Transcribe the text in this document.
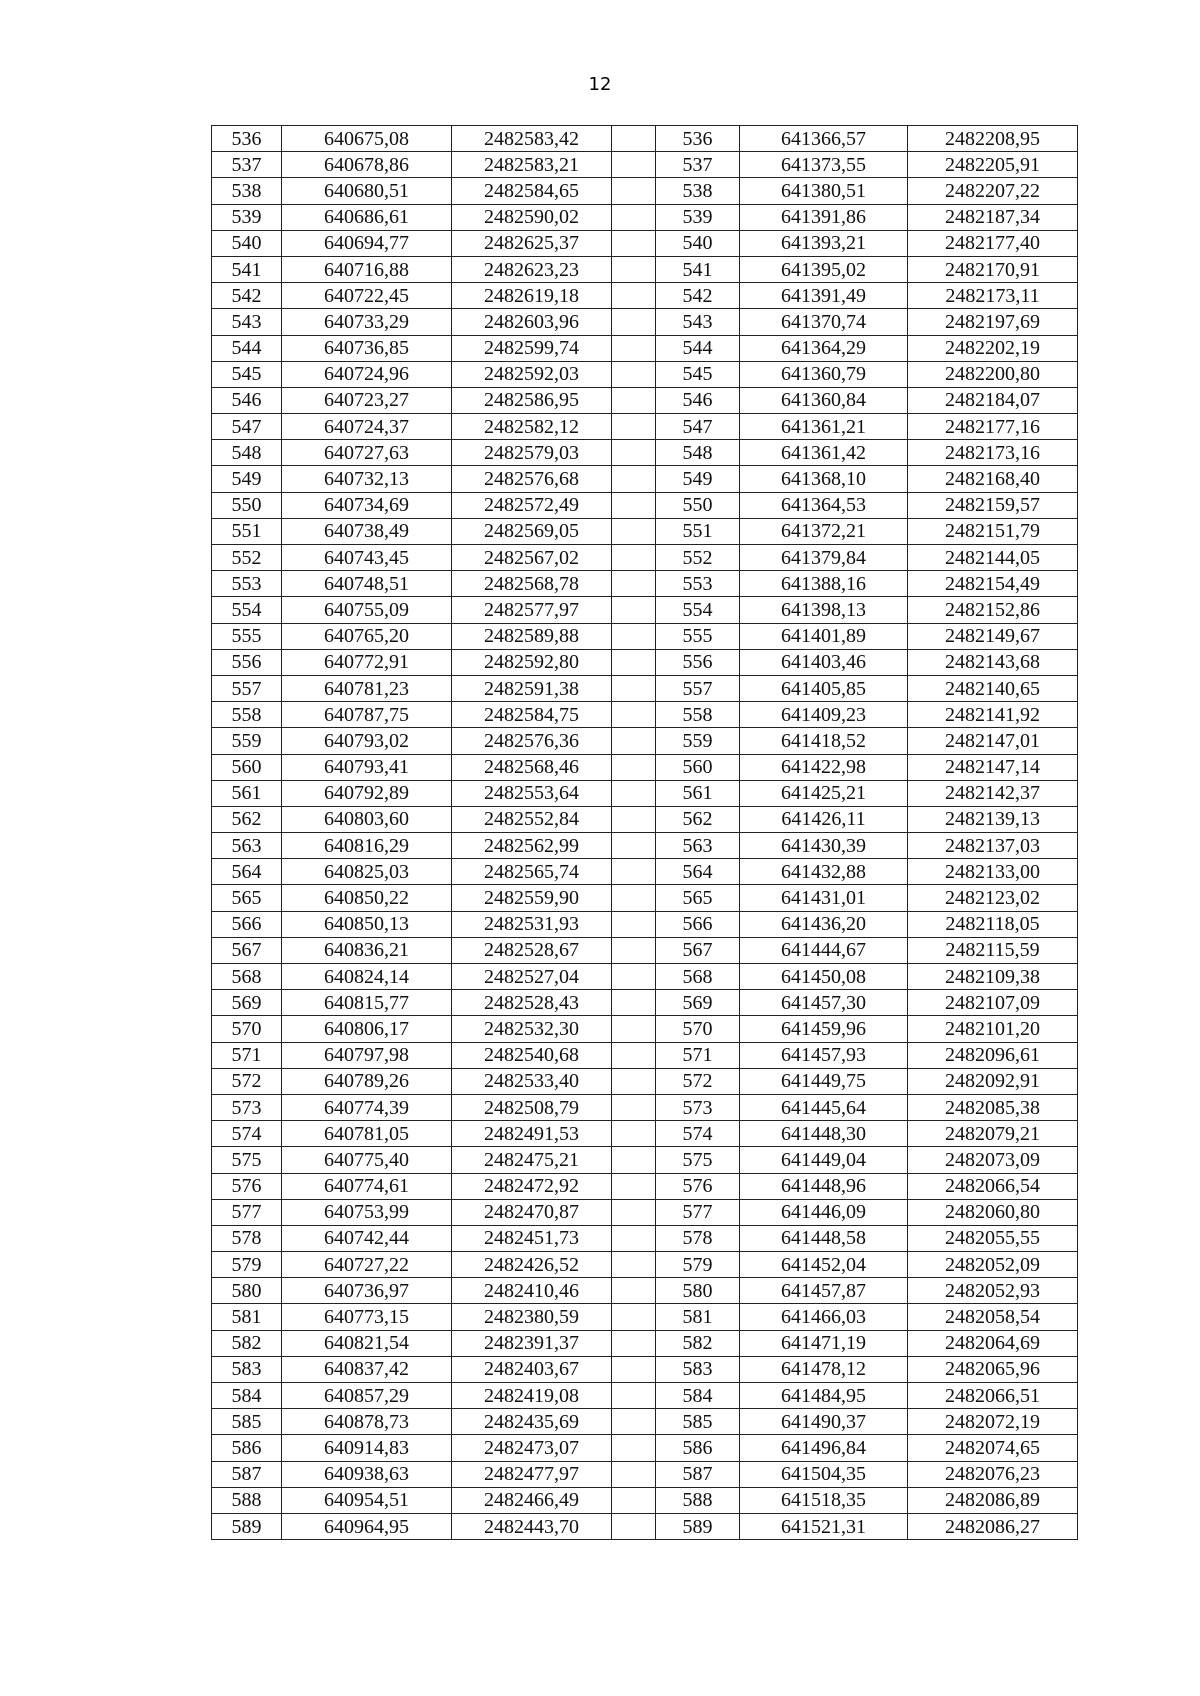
12
536	640675,08	2482583,42		536	641366,57	2482208,95
537	640678,86	2482583,21		537	641373,55	2482205,91
538	640680,51	2482584,65		538	641380,51	2482207,22
539	640686,61	2482590,02		539	641391,86	2482187,34
540	640694,77	2482625,37		540	641393,21	2482177,40
541	640716,88	2482623,23		541	641395,02	2482170,91
542	640722,45	2482619,18		542	641391,49	2482173,11
543	640733,29	2482603,96		543	641370,74	2482197,69
544	640736,85	2482599,74		544	641364,29	2482202,19
545	640724,96	2482592,03		545	641360,79	2482200,80
546	640723,27	2482586,95		546	641360,84	2482184,07
547	640724,37	2482582,12		547	641361,21	2482177,16
548	640727,63	2482579,03		548	641361,42	2482173,16
549	640732,13	2482576,68		549	641368,10	2482168,40
550	640734,69	2482572,49		550	641364,53	2482159,57
551	640738,49	2482569,05		551	641372,21	2482151,79
552	640743,45	2482567,02		552	641379,84	2482144,05
553	640748,51	2482568,78		553	641388,16	2482154,49
554	640755,09	2482577,97		554	641398,13	2482152,86
555	640765,20	2482589,88		555	641401,89	2482149,67
556	640772,91	2482592,80		556	641403,46	2482143,68
557	640781,23	2482591,38		557	641405,85	2482140,65
558	640787,75	2482584,75		558	641409,23	2482141,92
559	640793,02	2482576,36		559	641418,52	2482147,01
560	640793,41	2482568,46		560	641422,98	2482147,14
561	640792,89	2482553,64		561	641425,21	2482142,37
562	640803,60	2482552,84		562	641426,11	2482139,13
563	640816,29	2482562,99		563	641430,39	2482137,03
564	640825,03	2482565,74		564	641432,88	2482133,00
565	640850,22	2482559,90		565	641431,01	2482123,02
566	640850,13	2482531,93		566	641436,20	2482118,05
567	640836,21	2482528,67		567	641444,67	2482115,59
568	640824,14	2482527,04		568	641450,08	2482109,38
569	640815,77	2482528,43		569	641457,30	2482107,09
570	640806,17	2482532,30		570	641459,96	2482101,20
571	640797,98	2482540,68		571	641457,93	2482096,61
572	640789,26	2482533,40		572	641449,75	2482092,91
573	640774,39	2482508,79		573	641445,64	2482085,38
574	640781,05	2482491,53		574	641448,30	2482079,21
575	640775,40	2482475,21		575	641449,04	2482073,09
576	640774,61	2482472,92		576	641448,96	2482066,54
577	640753,99	2482470,87		577	641446,09	2482060,80
578	640742,44	2482451,73		578	641448,58	2482055,55
579	640727,22	2482426,52		579	641452,04	2482052,09
580	640736,97	2482410,46		580	641457,87	2482052,93
581	640773,15	2482380,59		581	641466,03	2482058,54
582	640821,54	2482391,37		582	641471,19	2482064,69
583	640837,42	2482403,67		583	641478,12	2482065,96
584	640857,29	2482419,08		584	641484,95	2482066,51
585	640878,73	2482435,69		585	641490,37	2482072,19
586	640914,83	2482473,07		586	641496,84	2482074,65
587	640938,63	2482477,97		587	641504,35	2482076,23
588	640954,51	2482466,49		588	641518,35	2482086,89
589	640964,95	2482443,70		589	641521,31	2482086,27
